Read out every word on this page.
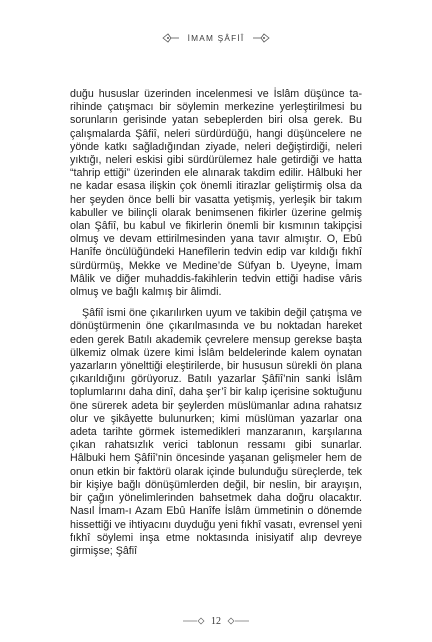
İMAM ŞÂFİÎ

duğu hususlar üzerinden incelenmesi ve İslâm düşünce tarihinde çatışmacı bir söylemin merkezine yerleştirilmesi bu sorunların gerisinde yatan sebeplerden biri olsa gerek. Bu çalışmalarda Şâfiî, neleri sürdürdüğü, hangi düşüncelere ne yönde katkı sağladığından ziyade, neleri değiştirdiği, neleri yıktığı, neleri eskisi gibi sürdürülemez hale getirdiği ve hatta “tahrip ettiği” üzerinden ele alınarak takdim edilir. Hâlbuki her ne kadar esasa ilişkin çok önemli itirazlar geliştirmiş olsa da her şeyden önce belli bir vasatta yetişmiş, yerleşik bir takım kabuller ve bilinçli olarak benimsenen fikirler üzerine gelmiş olan Şâfiî, bu kabul ve fikirlerin önemli bir kısmının takipçisi olmuş ve devam ettirilmesinden yana tavır almıştır. O, Ebû Hanîfe öncülüğündeki Hanefîlerin tedvin edip var kıldığı fıkhî sürdürmüş, Mekke ve Medine’de Süfyan b. Uyeyne, İmam Mâlik ve diğer muhaddis-fakihlerin tedvin ettiği hadise vâris olmuş ve bağlı kalmış bir âlimdi.

Şâfiî ismi öne çıkarılırken uyum ve takibin değil çatışma ve dönüştürmenin öne çıkarılmasında ve bu noktadan hareket eden gerek Batılı akademik çevrelere mensup gerekse başta ülkemiz olmak üzere kimi İslâm beldelerinde kalem oynatan yazarların yönelttiği eleştirilerde, bir hususun sürekli ön plana çıkarıldığını görüyoruz. Batılı yazarlar Şâfiî’nin sanki İslâm toplumlarını daha dinî, daha şer’î bir kalıp içerisine soktuğunu öne sürerek adeta bir şeylerden müslümanlar adına rahatsız olur ve şikâyette bulunurken; kimi müslüman yazarlar ona adeta tarihte görmek istemedikleri manzaranın, karşılarına çıkan rahatsızlık verici tablonun ressamı gibi sunarlar. Hâlbuki hem Şâfiî’nin öncesinde yaşanan gelişmeler hem de onun etkin bir faktörü olarak içinde bulunduğu süreçlerde, tek bir kişiye bağlı dönüşümlerden değil, bir neslin, bir arayışın, bir çağın yönelimlerinden bahsetmek daha doğru olacaktır. Nasıl İmam-ı Azam Ebû Hanîfe İslâm ümmetinin o dönemde hissettiği ve ihtiyacını duyduğu yeni fıkhî vasatı, evrensel yeni fıkhî söylemi inşa etme noktasında inisiyatif alıp devreye girmişse; Şâfiî

12
